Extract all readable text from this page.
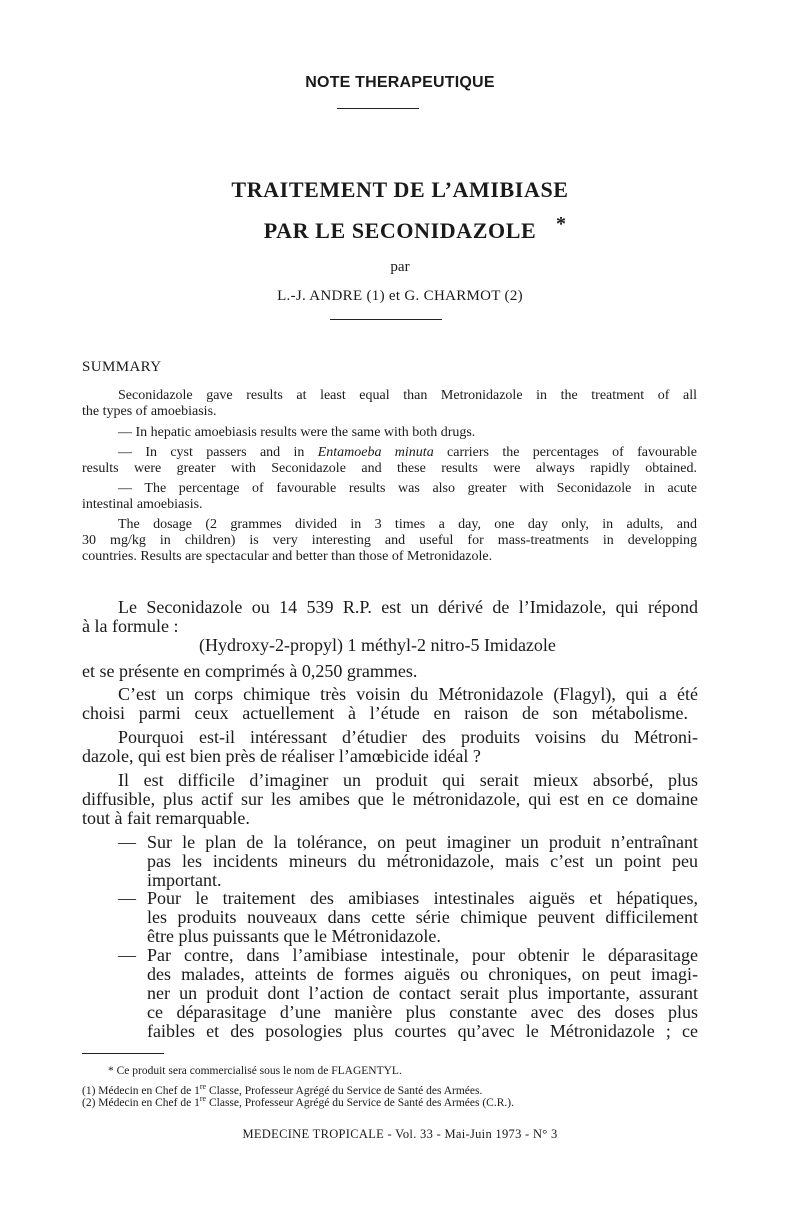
NOTE THERAPEUTIQUE
TRAITEMENT DE L’AMIBIASE
PAR LE SECONIDAZOLE *
par
L.-J. ANDRE (1) et G. CHARMOT (2)
SUMMARY
Seconidazole gave results at least equal than Metronidazole in the treatment of all
the types of amoebiasis.
— In hepatic amoebiasis results were the same with both drugs.
— In cyst passers and in Entamoeba minuta carriers the percentages of favourable
results were greater with Seconidazole and these results were always rapidly obtained.
— The percentage of favourable results was also greater with Seconidazole in acute
intestinal amoebiasis.
The dosage (2 grammes divided in 3 times a day, one day only, in adults, and
30 mg/kg in children) is very interesting and useful for mass-treatments in developping
countries. Results are spectacular and better than those of Metronidazole.
Le Seconidazole ou 14 539 R.P. est un dérivé de l’Imidazole, qui répond
à la formule :
(Hydroxy-2-propyl) 1 méthyl-2 nitro-5 Imidazole
et se présente en comprimés à 0,250 grammes.
C’est un corps chimique très voisin du Métronidazole (Flagyl), qui a été
choisi parmi ceux actuellement à l’étude en raison de son métabolisme.
Pourquoi est-il intéressant d’étudier des produits voisins du Métroni-
dazole, qui est bien près de réaliser l’amœbicide idéal ?
Il est difficile d’imaginer un produit qui serait mieux absorbé, plus
diffusible, plus actif sur les amibes que le métronidazole, qui est en ce domaine
tout à fait remarquable.
— Sur le plan de la tolérance, on peut imaginer un produit n’entraînant
pas les incidents mineurs du métronidazole, mais c’est un point peu
important.
— Pour le traitement des amibiases intestinales aiguës et hépatiques,
les produits nouveaux dans cette série chimique peuvent difficilement
être plus puissants que le Métronidazole.
— Par contre, dans l’amibiase intestinale, pour obtenir le déparasitage
des malades, atteints de formes aiguës ou chroniques, on peut imagi-
ner un produit dont l’action de contact serait plus importante, assurant
ce déparasitage d’une manière plus constante avec des doses plus
faibles et des posologies plus courtes qu’avec le Métronidazole ; ce
* Ce produit sera commercialisé sous le nom de FLAGENTYL.
(1) Médecin en Chef de 1re Classe, Professeur Agrégé du Service de Santé des Armées.
(2) Médecin en Chef de 1re Classe, Professeur Agrégé du Service de Santé des Armées (C.R.).
MEDECINE TROPICALE - Vol. 33 - Mai-Juin 1973 - N° 3
